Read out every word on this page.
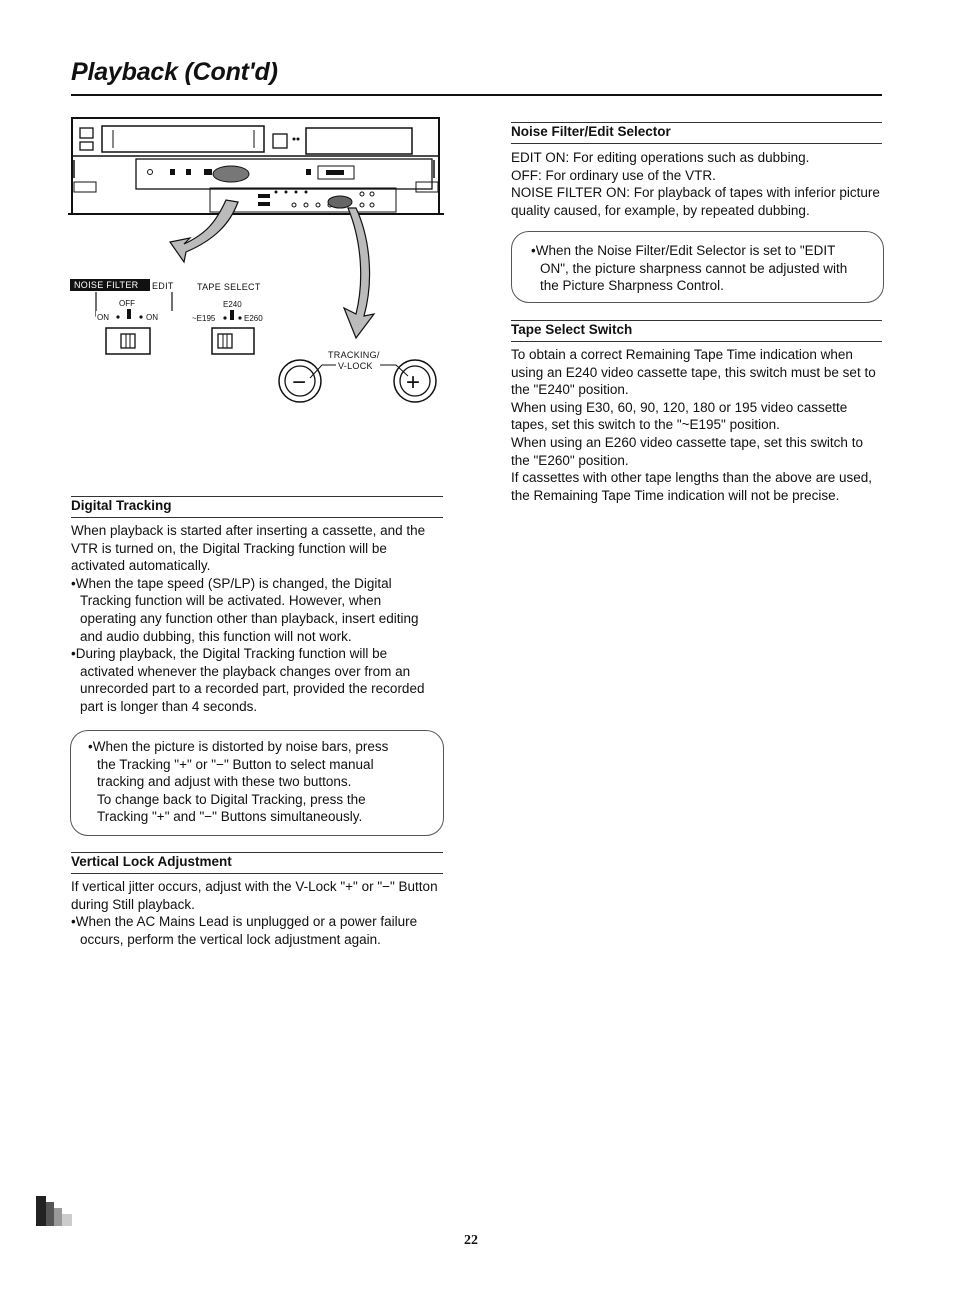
Playback (Cont'd)
NOISE FILTER EDIT
OFF
ON	ON
TAPE SELECT
E240
~E195	E260
TRACKING/
V-LOCK
−	+
Digital Tracking

When playback is started after inserting a cassette, and the VTR is turned on, the Digital Tracking function will be activated automatically.

•When the tape speed (SP/LP) is changed, the Digital Tracking function will be activated. However, when operating any function other than playback, insert editing and audio dubbing, this function will not work.

•During playback, the Digital Tracking function will be activated whenever the playback changes over from an unrecorded part to a recorded part, provided the recorded part is longer than 4 seconds.

•When the picture is distorted by noise bars, press the Tracking "+" or "−" Button to select manual tracking and adjust with these two buttons.

To change back to Digital Tracking, press the Tracking "+" and "−" Buttons simultaneously.

Vertical Lock Adjustment

If vertical jitter occurs, adjust with the V-Lock "+" or "−" Button during Still playback.

•When the AC Mains Lead is unplugged or a power failure occurs, perform the vertical lock adjustment again.

Noise Filter/Edit Selector

EDIT ON: For editing operations such as dubbing.

OFF: For ordinary use of the VTR.

NOISE FILTER ON: For playback of tapes with inferior picture quality caused, for example, by repeated dubbing.

•When the Noise Filter/Edit Selector is set to "EDIT ON", the picture sharpness cannot be adjusted with the Picture Sharpness Control.

Tape Select Switch

To obtain a correct Remaining Tape Time indication when using an E240 video cassette tape, this switch must be set to the "E240" position.

When using E30, 60, 90, 120, 180 or 195 video cassette tapes, set this switch to the "~E195" position.

When using an E260 video cassette tape, set this switch to the "E260" position.

If cassettes with other tape lengths than the above are used, the Remaining Tape Time indication will not be precise.

22
